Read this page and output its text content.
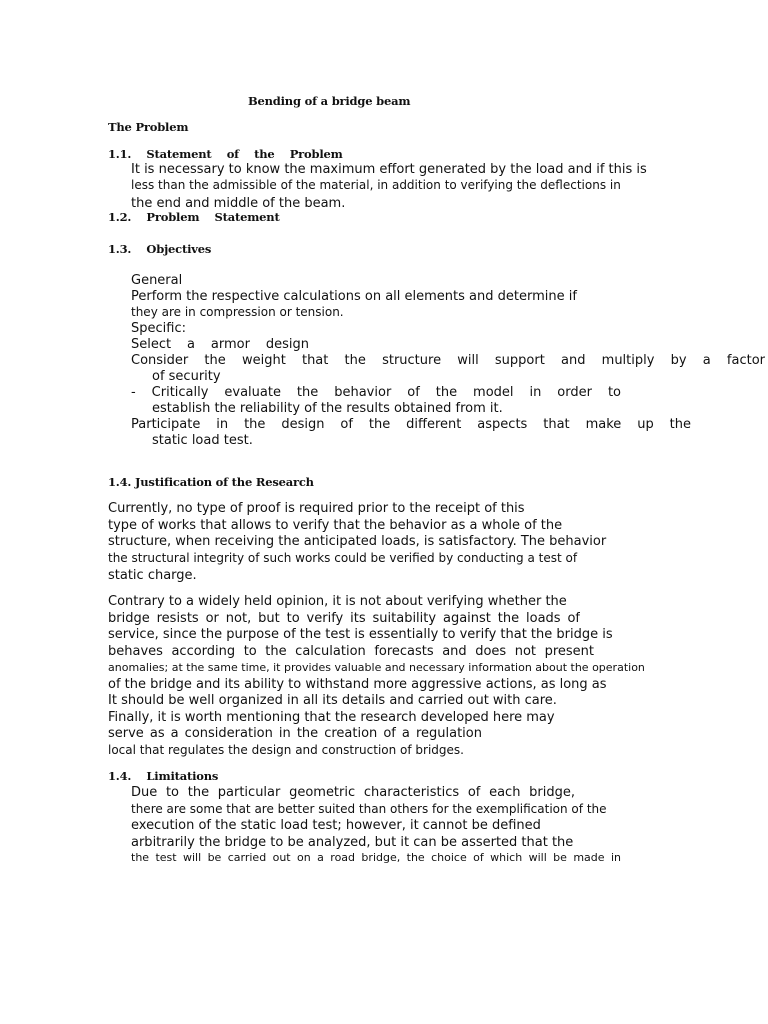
Bending of a bridge beam
The Problem
1.1.    Statement    of    the    Problem
It is necessary to know the maximum effort generated by the load and if this is
less than the admissible of the material, in addition to verifying the deflections in
the end and middle of the beam.
1.2.    Problem    Statement
1.3.    Objectives
General
Perform the respective calculations on all elements and determine if
they are in compression or tension.
Specific:
Select a armor design
Consider the weight that the structure will support and multiply by a factor
of security
- Critically evaluate the behavior of the model in order to
establish the reliability of the results obtained from it.
Participate in the design of the different aspects that make up the
static load test.
1.4. Justification of the Research
Currently, no type of proof is required prior to the receipt of this
type of works that allows to verify that the behavior as a whole of the
structure, when receiving the anticipated loads, is satisfactory. The behavior
the structural integrity of such works could be verified by conducting a test of
static charge.
Contrary to a widely held opinion, it is not about verifying whether the
bridge resists or not, but to verify its suitability against the loads of
service, since the purpose of the test is essentially to verify that the bridge is
behaves according to the calculation forecasts and does not present
anomalies; at the same time, it provides valuable and necessary information about the operation
of the bridge and its ability to withstand more aggressive actions, as long as
It should be well organized in all its details and carried out with care.
Finally, it is worth mentioning that the research developed here may
serve as a consideration in the creation of a regulation
local that regulates the design and construction of bridges.
1.4.    Limitations
Due to the particular geometric characteristics of each bridge,
there are some that are better suited than others for the exemplification of the
execution of the static load test; however, it cannot be defined
arbitrarily the bridge to be analyzed, but it can be asserted that the
the test will be carried out on a road bridge, the choice of which will be made in
